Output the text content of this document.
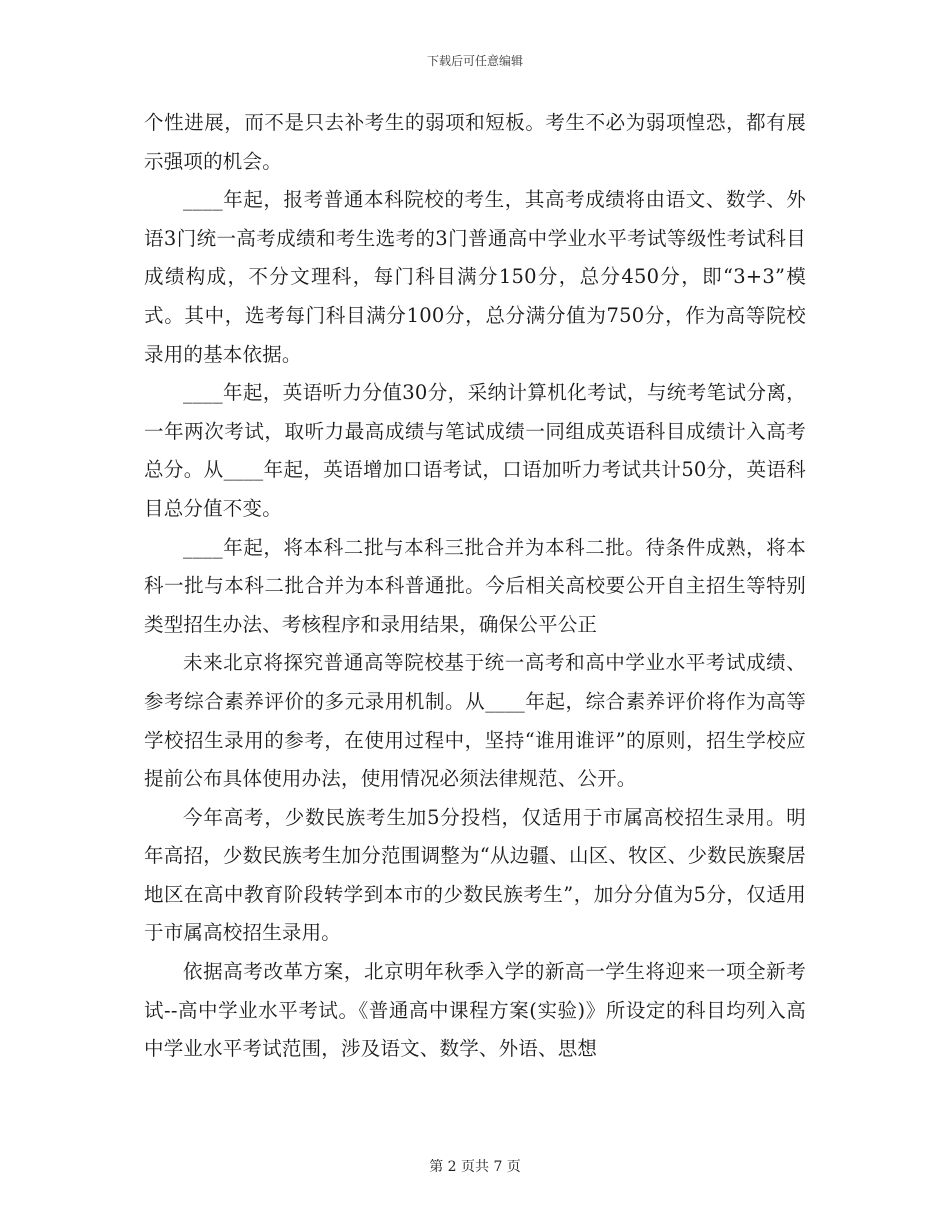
下载后可任意编辑

个性进展，而不是只去补考生的弱项和短板。考生不必为弱项惶恐，都有展示强项的机会。

____年起，报考普通本科院校的考生，其高考成绩将由语文、数学、外语3门统一高考成绩和考生选考的3门普通高中学业水平考试等级性考试科目成绩构成，不分文理科，每门科目满分150分，总分450分，即“3+3”模式。其中，选考每门科目满分100分，总分满分值为750分，作为高等院校录用的基本依据。

____年起，英语听力分值30分，采纳计算机化考试，与统考笔试分离，一年两次考试，取听力最高成绩与笔试成绩一同组成英语科目成绩计入高考总分。从____年起，英语增加口语考试，口语加听力考试共计50分，英语科目总分值不变。

____年起，将本科二批与本科三批合并为本科二批。待条件成熟，将本科一批与本科二批合并为本科普通批。今后相关高校要公开自主招生等特别类型招生办法、考核程序和录用结果，确保公平公正

未来北京将探究普通高等院校基于统一高考和高中学业水平考试成绩、参考综合素养评价的多元录用机制。从____年起，综合素养评价将作为高等学校招生录用的参考，在使用过程中，坚持“谁用谁评”的原则，招生学校应提前公布具体使用办法，使用情况必须法律规范、公开。

今年高考，少数民族考生加5分投档，仅适用于市属高校招生录用。明年高招，少数民族考生加分范围调整为“从边疆、山区、牧区、少数民族聚居地区在高中教育阶段转学到本市的少数民族考生”，加分分值为5分，仅适用于市属高校招生录用。

依据高考改革方案，北京明年秋季入学的新高一学生将迎来一项全新考试--高中学业水平考试。《普通高中课程方案(实验)》所设定的科目均列入高中学业水平考试范围，涉及语文、数学、外语、思想

第 2 页共 7 页
